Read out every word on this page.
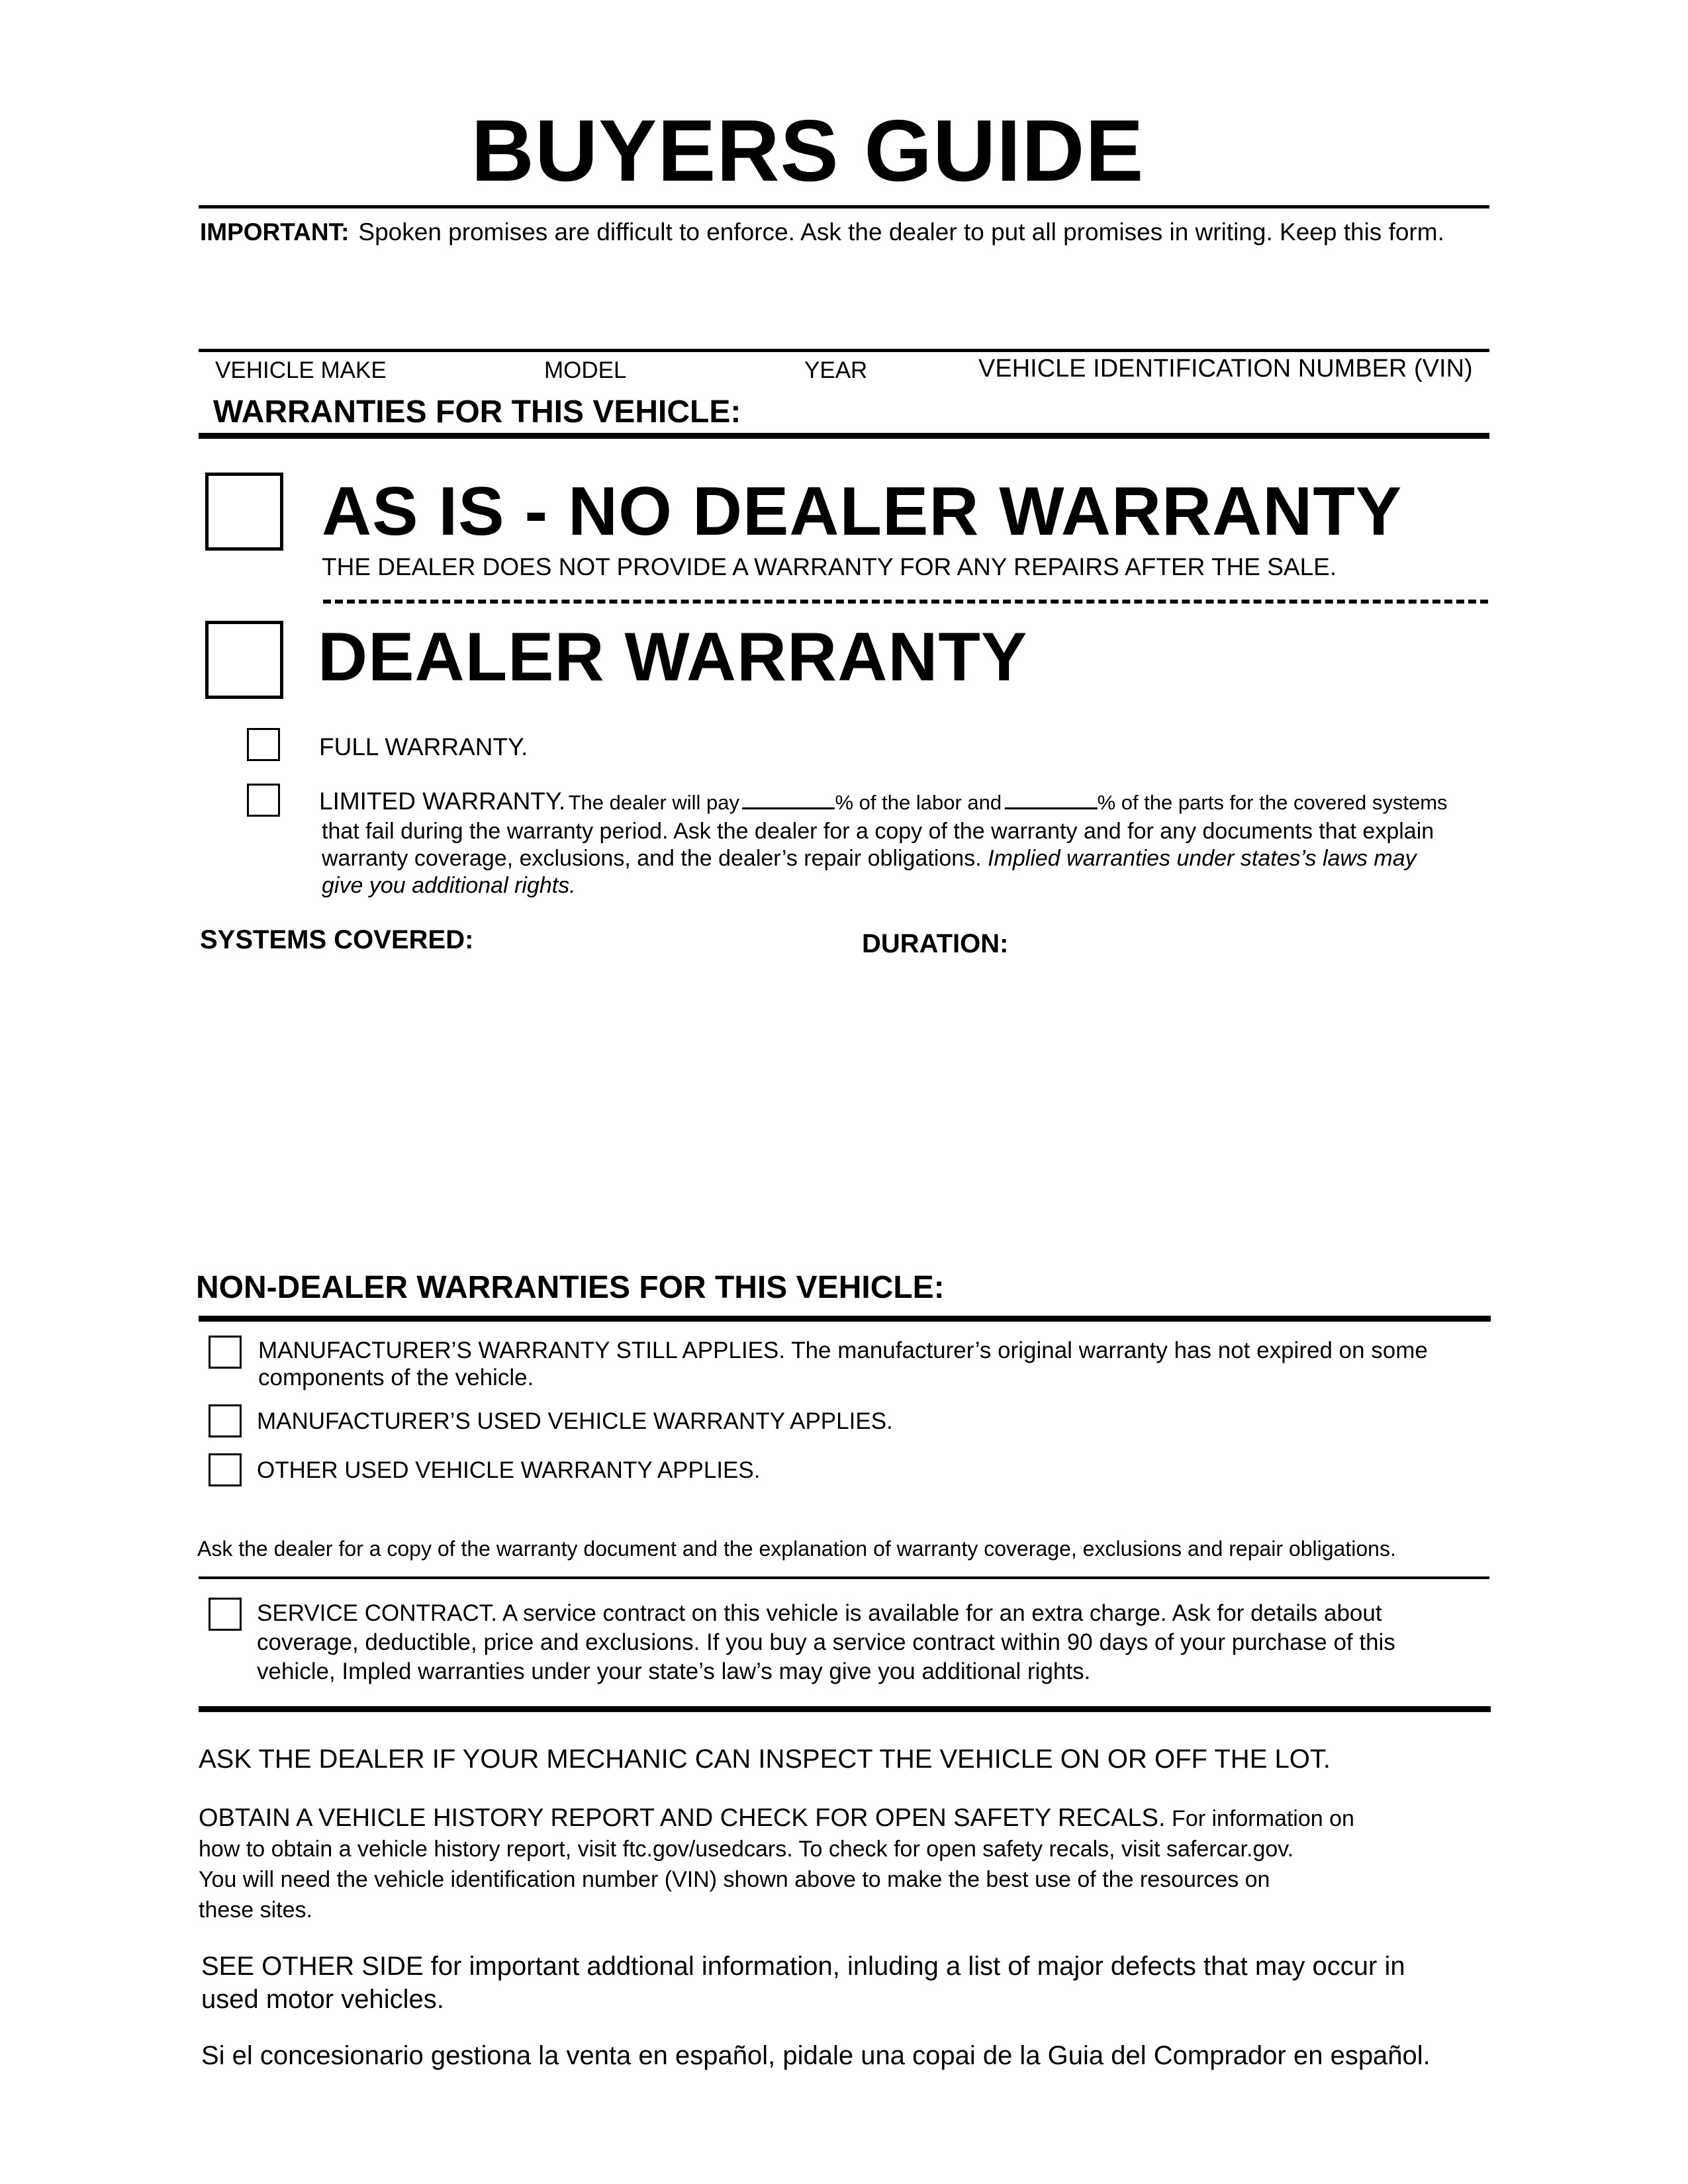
BUYERS GUIDE
IMPORTANT: Spoken promises are difficult to enforce. Ask the dealer to put all promises in writing. Keep this form.
VEHICLE MAKE	MODEL	YEAR	VEHICLE IDENTIFICATION NUMBER (VIN)
WARRANTIES FOR THIS VEHICLE:
AS IS - NO DEALER WARRANTY
THE DEALER DOES NOT PROVIDE A WARRANTY FOR ANY REPAIRS AFTER THE SALE.
DEALER WARRANTY
FULL WARRANTY.
LIMITED WARRANTY. The dealer will pay	% of the labor and	% of the parts for the covered systems
that fail during the warranty period. Ask the dealer for a copy of the warranty and for any documents that explain
warranty coverage, exclusions, and the dealer’s repair obligations. Implied warranties under states’s laws may
give you additional rights.
SYSTEMS COVERED:	DURATION:
NON-DEALER WARRANTIES FOR THIS VEHICLE:
MANUFACTURER’S WARRANTY STILL APPLIES. The manufacturer’s original warranty has not expired on some
components of the vehicle.
MANUFACTURER’S USED VEHICLE WARRANTY APPLIES.
OTHER USED VEHICLE WARRANTY APPLIES.
Ask the dealer for a copy of the warranty document and the explanation of warranty coverage, exclusions and repair obligations.
SERVICE CONTRACT. A service contract on this vehicle is available for an extra charge. Ask for details about
coverage, deductible, price and exclusions. If you buy a service contract within 90 days of your purchase of this
vehicle, Impled warranties under your state’s law’s may give you additional rights.
ASK THE DEALER IF YOUR MECHANIC CAN INSPECT THE VEHICLE ON OR OFF THE LOT.
OBTAIN A VEHICLE HISTORY REPORT AND CHECK FOR OPEN SAFETY RECALS. For information on
how to obtain a vehicle history report, visit ftc.gov/usedcars. To check for open safety recals, visit safercar.gov.
You will need the vehicle identification number (VIN) shown above to make the best use of the resources on
these sites.
SEE OTHER SIDE for important addtional information, inluding a list of major defects that may occur in
used motor vehicles.
Si el concesionario gestiona la venta en español, pidale una copai de la Guia del Comprador en español.
